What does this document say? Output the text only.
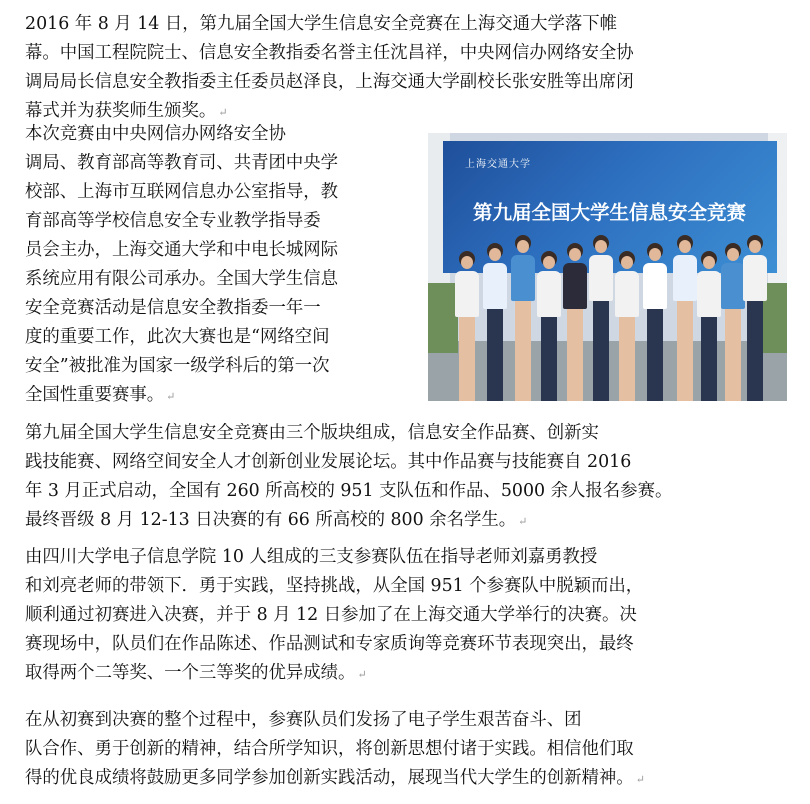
2016 年 8 月 14 日，第九届全国大学生信息安全竞赛在上海交通大学落下帷
幕。中国工程院院士、信息安全教指委名誉主任沈昌祥，中央网信办网络安全协
调局局长信息安全教指委主任委员赵泽良，上海交通大学副校长张安胜等出席闭
幕式并为获奖师生颁奖。 ↵
本次竞赛由中央网信办网络安全协
调局、教育部高等教育司、共青团中央学
校部、上海市互联网信息办公室指导，教
育部高等学校信息安全专业教学指导委
员会主办，上海交通大学和中电长城网际
系统应用有限公司承办。全国大学生信息
安全竞赛活动是信息安全教指委一年一
度的重要工作，此次大赛也是“网络空间
安全”被批准为国家一级学科后的第一次
全国性重要赛事。 ↵
第九届全国大学生信息安全竞赛由三个版块组成，信息安全作品赛、创新实
践技能赛、网络空间安全人才创新创业发展论坛。其中作品赛与技能赛自 2016
年 3 月正式启动，全国有 260 所高校的 951 支队伍和作品、5000 余人报名参赛。
最终晋级 8 月 12-13 日决赛的有 66 所高校的 800 余名学生。 ↵
由四川大学电子信息学院 10 人组成的三支参赛队伍在指导老师刘嘉勇教授
和刘亮老师的带领下．勇于实践，坚持挑战，从全国 951 个参赛队中脱颖而出，
顺利通过初赛进入决赛，并于 8 月 12 日参加了在上海交通大学举行的决赛。决
赛现场中，队员们在作品陈述、作品测试和专家质询等竞赛环节表现突出，最终
取得两个二等奖、一个三等奖的优异成绩。 ↵
在从初赛到决赛的整个过程中，参赛队员们发扬了电子学生艰苦奋斗、团
队合作、勇于创新的精神，结合所学知识，将创新思想付诸于实践。相信他们取
得的优良成绩将鼓励更多同学参加创新实践活动，展现当代大学生的创新精神。 ↵
上海交通大学
第九届全国大学生信息安全竞赛
